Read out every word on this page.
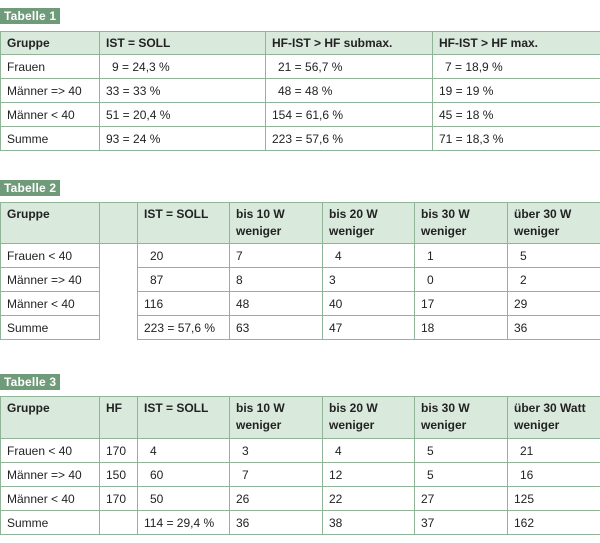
Tabelle 1
Gruppe	IST = SOLL	HF-IST > HF submax.	HF-IST > HF max.
Frauen	9 = 24,3 %	21 = 56,7 %	7 = 18,9 %
Männer => 40	33 = 33 %	48 = 48 %	19 = 19 %
Männer < 40	51 = 20,4 %	154 = 61,6 %	45 = 18 %
Summe	93 = 24 %	223 = 57,6 %	71 = 18,3 %
Tabelle 2
Gruppe		IST = SOLL	bis 10 W weniger	bis 20 W weniger	bis 30 W weniger	über 30 W weniger
Frauen < 40		20	7	4	1	5
Männer => 40		87	8	3	0	2
Männer < 40		116	48	40	17	29
Summe		223 = 57,6 %	63	47	18	36
Tabelle 3
Gruppe	HF	IST = SOLL	bis 10 W weniger	bis 20 W weniger	bis 30 W weniger	über 30 Watt weniger
Frauen < 40	170	4	3	4	5	21
Männer => 40	150	60	7	12	5	16
Männer < 40	170	50	26	22	27	125
Summe		114 = 29,4 %	36	38	37	162
